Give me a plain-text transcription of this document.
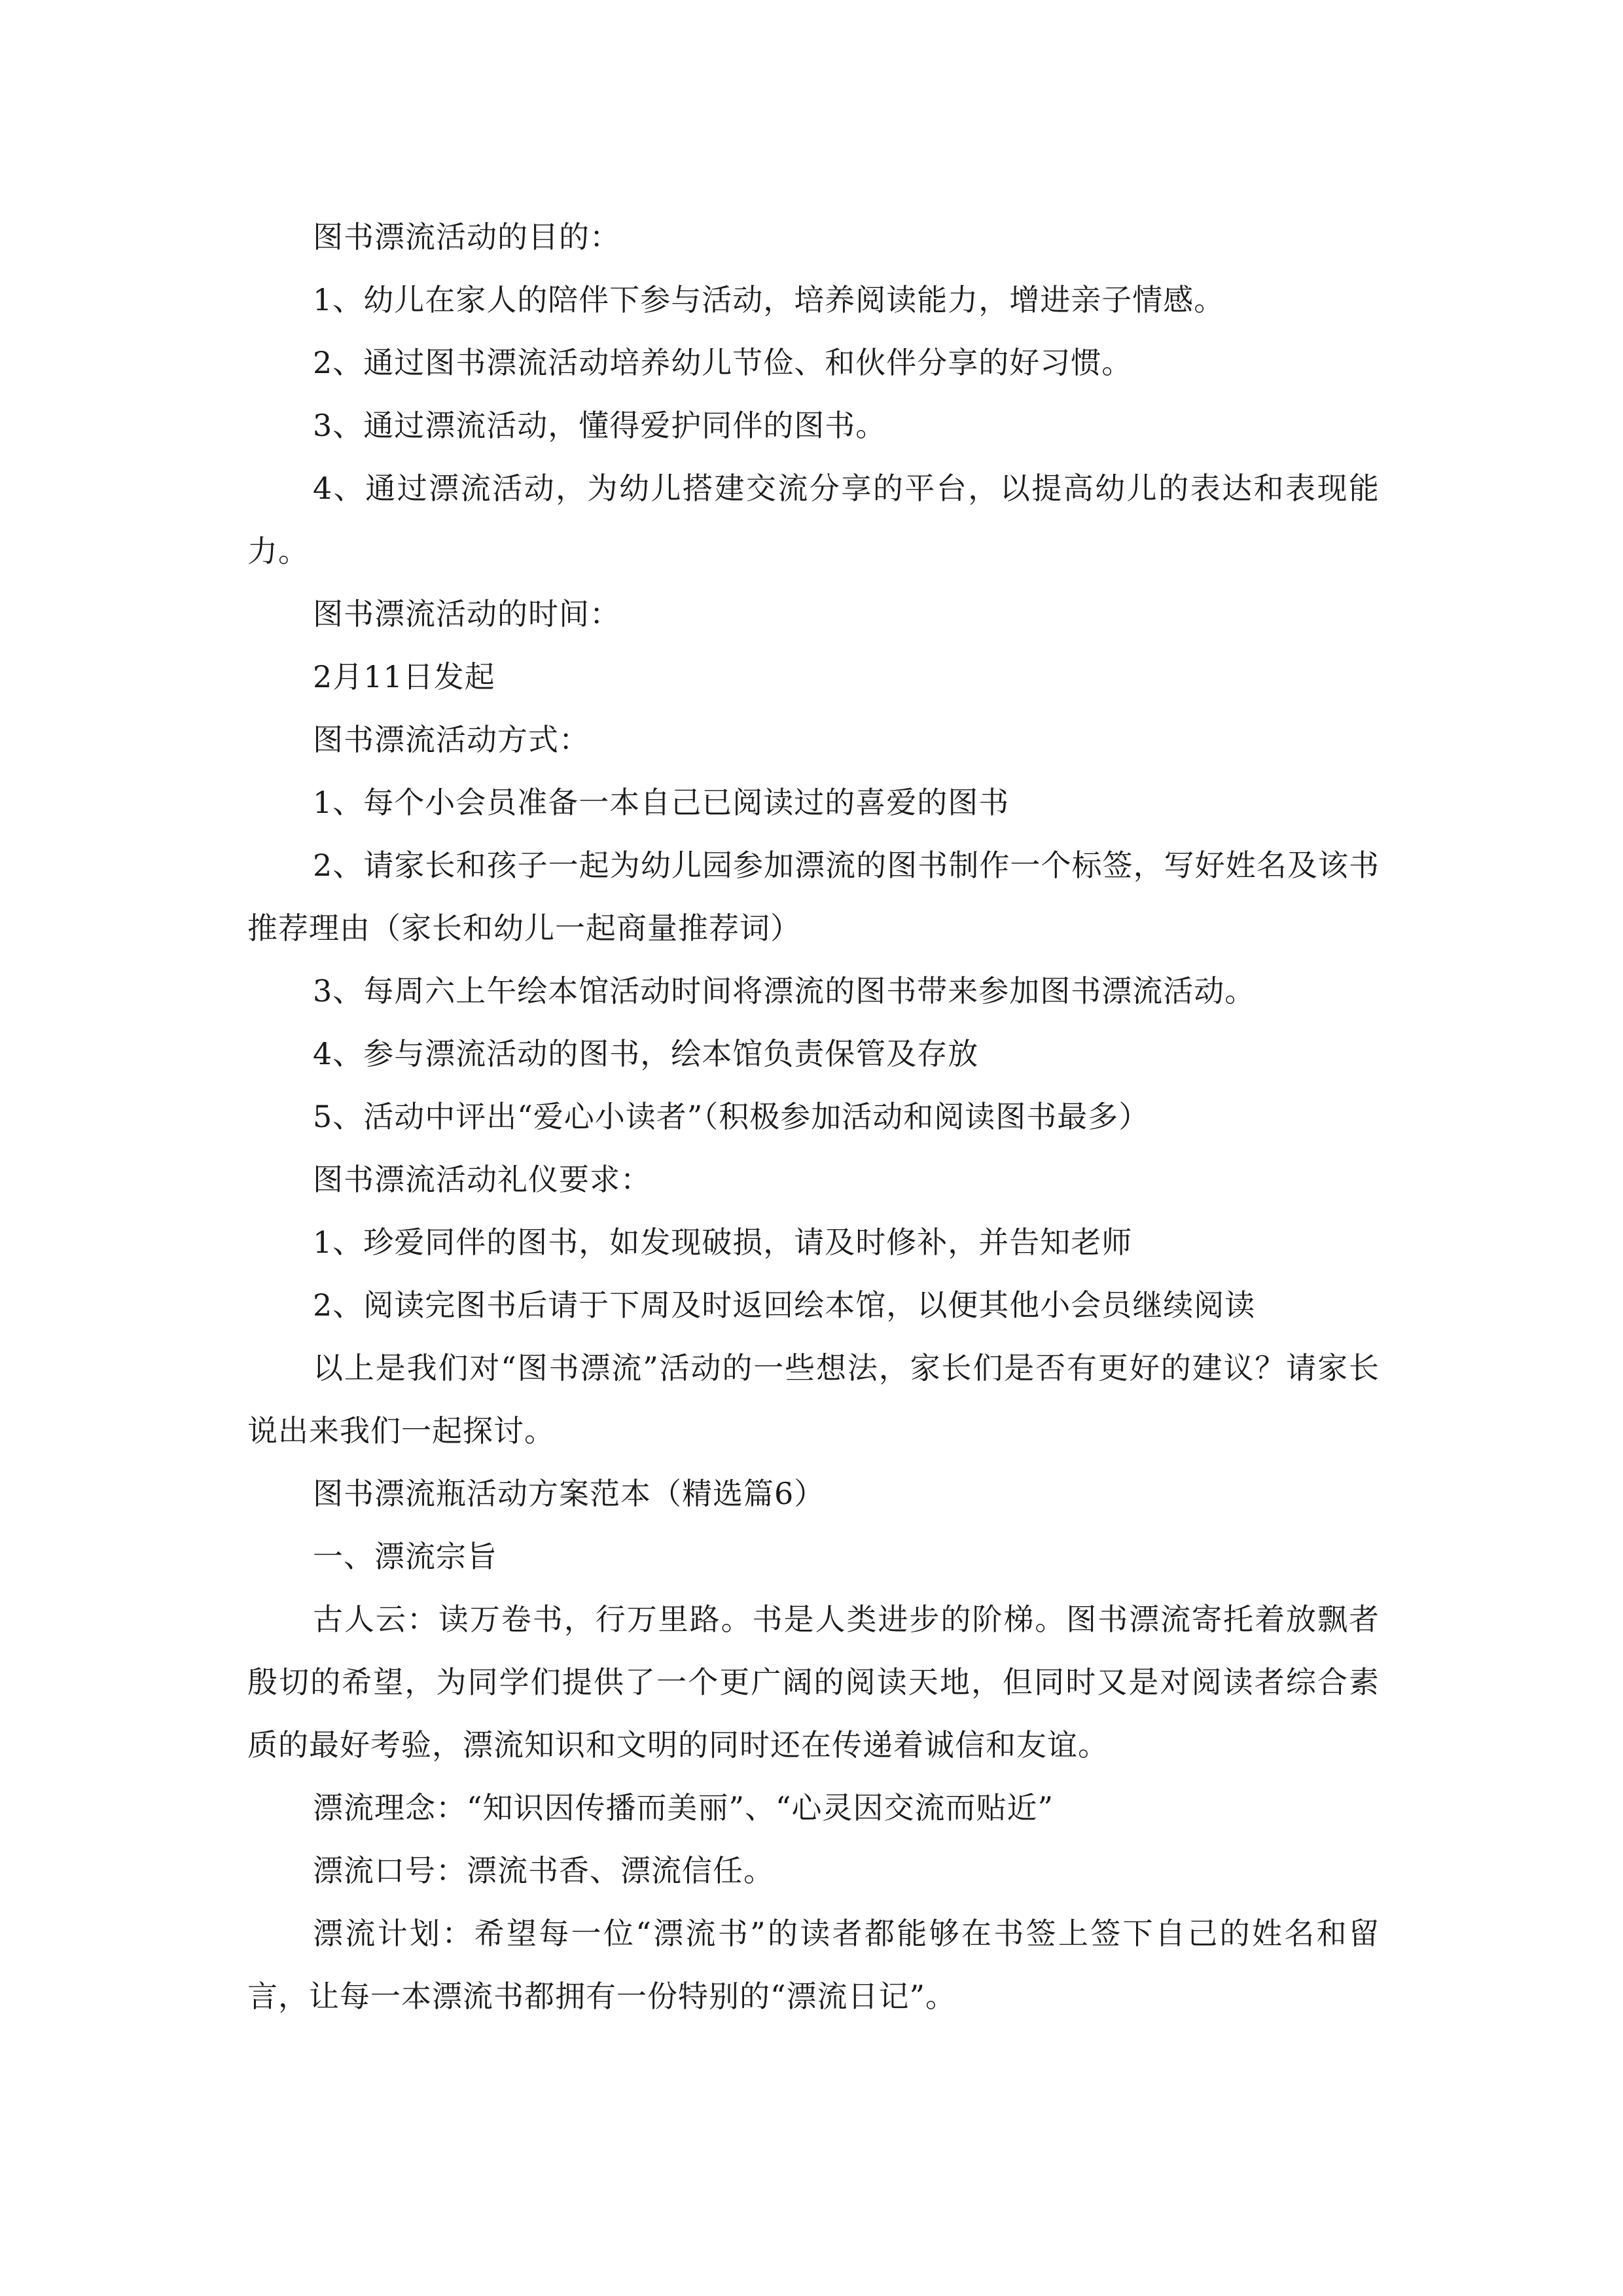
图书漂流活动的目的：

1、幼儿在家人的陪伴下参与活动，培养阅读能力，增进亲子情感。

2、通过图书漂流活动培养幼儿节俭、和伙伴分享的好习惯。

3、通过漂流活动，懂得爱护同伴的图书。

4、通过漂流活动，为幼儿搭建交流分享的平台，以提高幼儿的表达和表现能力。

图书漂流活动的时间：

2月11日发起

图书漂流活动方式：

1、每个小会员准备一本自己已阅读过的喜爱的图书

2、请家长和孩子一起为幼儿园参加漂流的图书制作一个标签，写好姓名及该书推荐理由（家长和幼儿一起商量推荐词）

3、每周六上午绘本馆活动时间将漂流的图书带来参加图书漂流活动。

4、参与漂流活动的图书，绘本馆负责保管及存放

5、活动中评出“爱心小读者”（积极参加活动和阅读图书最多）

图书漂流活动礼仪要求：

1、珍爱同伴的图书，如发现破损，请及时修补，并告知老师

2、阅读完图书后请于下周及时返回绘本馆，以便其他小会员继续阅读

以上是我们对“图书漂流”活动的一些想法，家长们是否有更好的建议？请家长说出来我们一起探讨。

图书漂流瓶活动方案范本（精选篇6）

一、漂流宗旨

古人云：读万卷书，行万里路。书是人类进步的阶梯。图书漂流寄托着放飘者殷切的希望，为同学们提供了一个更广阔的阅读天地，但同时又是对阅读者综合素质的最好考验，漂流知识和文明的同时还在传递着诚信和友谊。

漂流理念：“知识因传播而美丽”、“心灵因交流而贴近”

漂流口号：漂流书香、漂流信任。

漂流计划：希望每一位“漂流书”的读者都能够在书签上签下自己的姓名和留言，让每一本漂流书都拥有一份特别的“漂流日记”。
